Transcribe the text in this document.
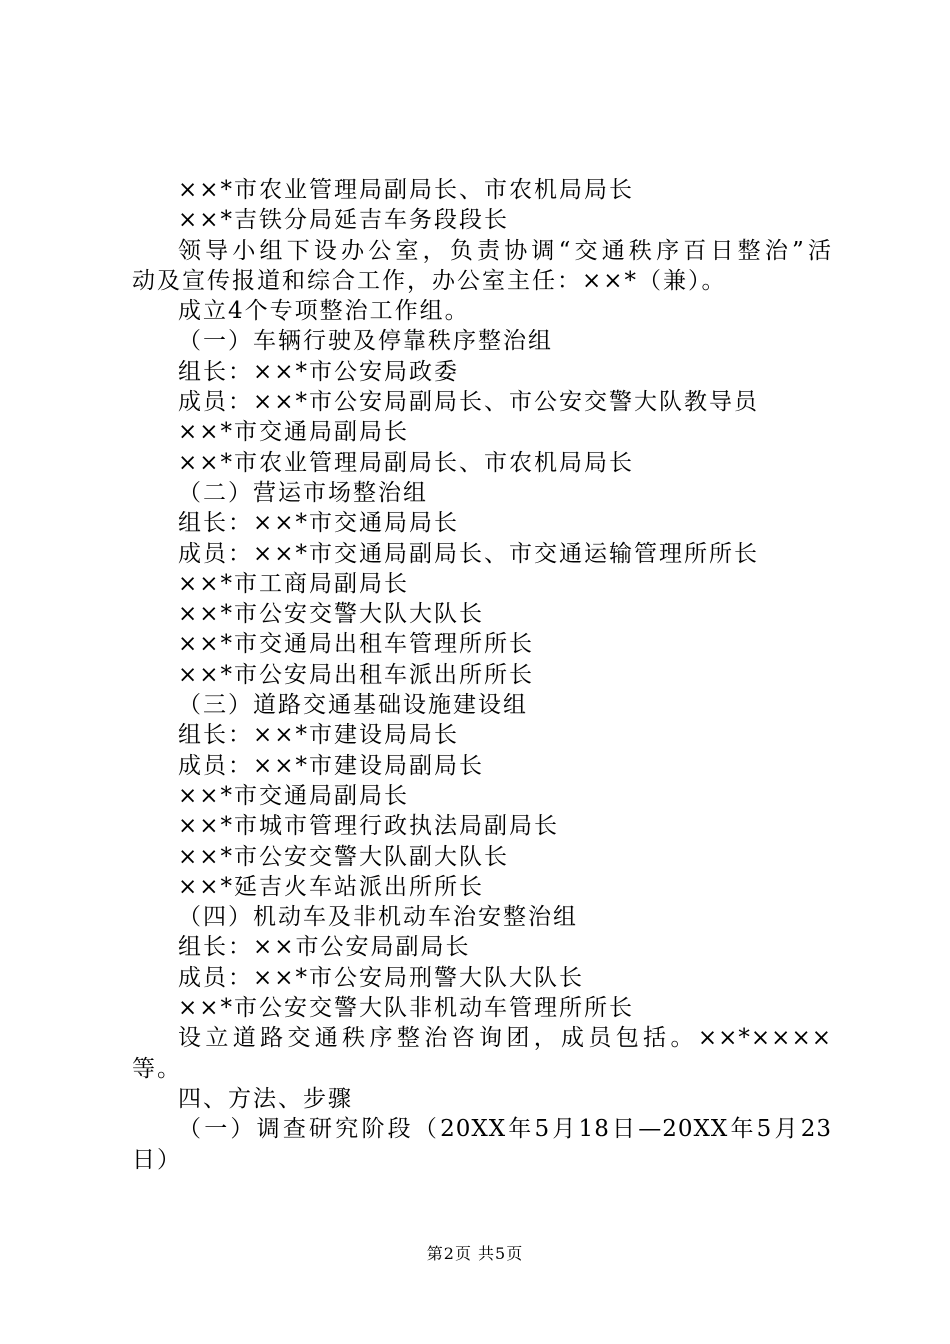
××*市农业管理局副局长、市农机局局长
××*吉铁分局延吉车务段段长
领导小组下设办公室，负责协调“交通秩序百日整治”活
动及宣传报道和综合工作，办公室主任：××*（兼）。
成立4个专项整治工作组。
（一）车辆行驶及停靠秩序整治组
组长：××*市公安局政委
成员：××*市公安局副局长、市公安交警大队教导员
××*市交通局副局长
××*市农业管理局副局长、市农机局局长
（二）营运市场整治组
组长：××*市交通局局长
成员：××*市交通局副局长、市交通运输管理所所长
××*市工商局副局长
××*市公安交警大队大队长
××*市交通局出租车管理所所长
××*市公安局出租车派出所所长
（三）道路交通基础设施建设组
组长：××*市建设局局长
成员：××*市建设局副局长
××*市交通局副局长
××*市城市管理行政执法局副局长
××*市公安交警大队副大队长
××*延吉火车站派出所所长
（四）机动车及非机动车治安整治组
组长：××市公安局副局长
成员：××*市公安局刑警大队大队长
××*市公安交警大队非机动车管理所所长
设立道路交通秩序整治咨询团，成员包括。××*××××
等。
四、方法、步骤
（一）调查研究阶段（20XX年5月18日—20XX年5月23
日）
第2页 共5页
